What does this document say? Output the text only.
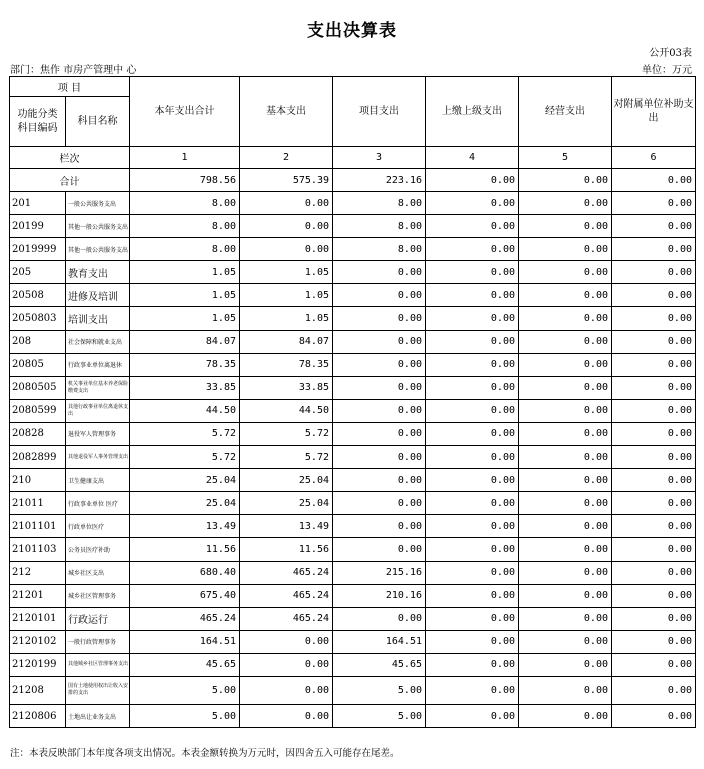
支出决算表
公开03表
部门：焦作 市房产管理中 心	单位：万元
项 目		本年支出合计	基本支出	项目支出	上缴上级支出	经营支出	对附属单位补助支出
功能分类科目编码	科目名称						
栏次		1	2	3	4	5	6
合计		798.56	575.39	223.16	0.00	0.00	0.00
201	一般公共服务支出	8.00	0.00	8.00	0.00	0.00	0.00
20199	其他一般公共服务支出	8.00	0.00	8.00	0.00	0.00	0.00
2019999	其他一般公共服务支出	8.00	0.00	8.00	0.00	0.00	0.00
205	教育支出	1.05	1.05	0.00	0.00	0.00	0.00
20508	进修及培训	1.05	1.05	0.00	0.00	0.00	0.00
2050803	培训支出	1.05	1.05	0.00	0.00	0.00	0.00
208	社会保障和就业支出	84.07	84.07	0.00	0.00	0.00	0.00
20805	行政事业单位离退休	78.35	78.35	0.00	0.00	0.00	0.00
2080505	机关事业单位基本养老保险缴费支出	33.85	33.85	0.00	0.00	0.00	0.00
2080599	其他行政事业单位离退休支出	44.50	44.50	0.00	0.00	0.00	0.00
20828	退役军人管理事务	5.72	5.72	0.00	0.00	0.00	0.00
2082899	其他退役军人事务管理支出	5.72	5.72	0.00	0.00	0.00	0.00
210	卫生健康支出	25.04	25.04	0.00	0.00	0.00	0.00
21011	行政事业单位 医疗	25.04	25.04	0.00	0.00	0.00	0.00
2101101	行政单位医疗	13.49	13.49	0.00	0.00	0.00	0.00
2101103	公务员医疗补助	11.56	11.56	0.00	0.00	0.00	0.00
212	城乡社区支出	680.40	465.24	215.16	0.00	0.00	0.00
21201	城乡社区管理事务	675.40	465.24	210.16	0.00	0.00	0.00
2120101	行政运行	465.24	465.24	0.00	0.00	0.00	0.00
2120102	一般行政管理事务	164.51	0.00	164.51	0.00	0.00	0.00
2120199	其他城乡社区管理事务支出	45.65	0.00	45.65	0.00	0.00	0.00
21208	国有土地使用权出让收入安排的支出	5.00	0.00	5.00	0.00	0.00	0.00
2120806	土地出让业务支出	5.00	0.00	5.00	0.00	0.00	0.00
注：本表反映部门本年度各项支出情况。本表金额转换为万元时，因四舍五入可能存在尾差。
